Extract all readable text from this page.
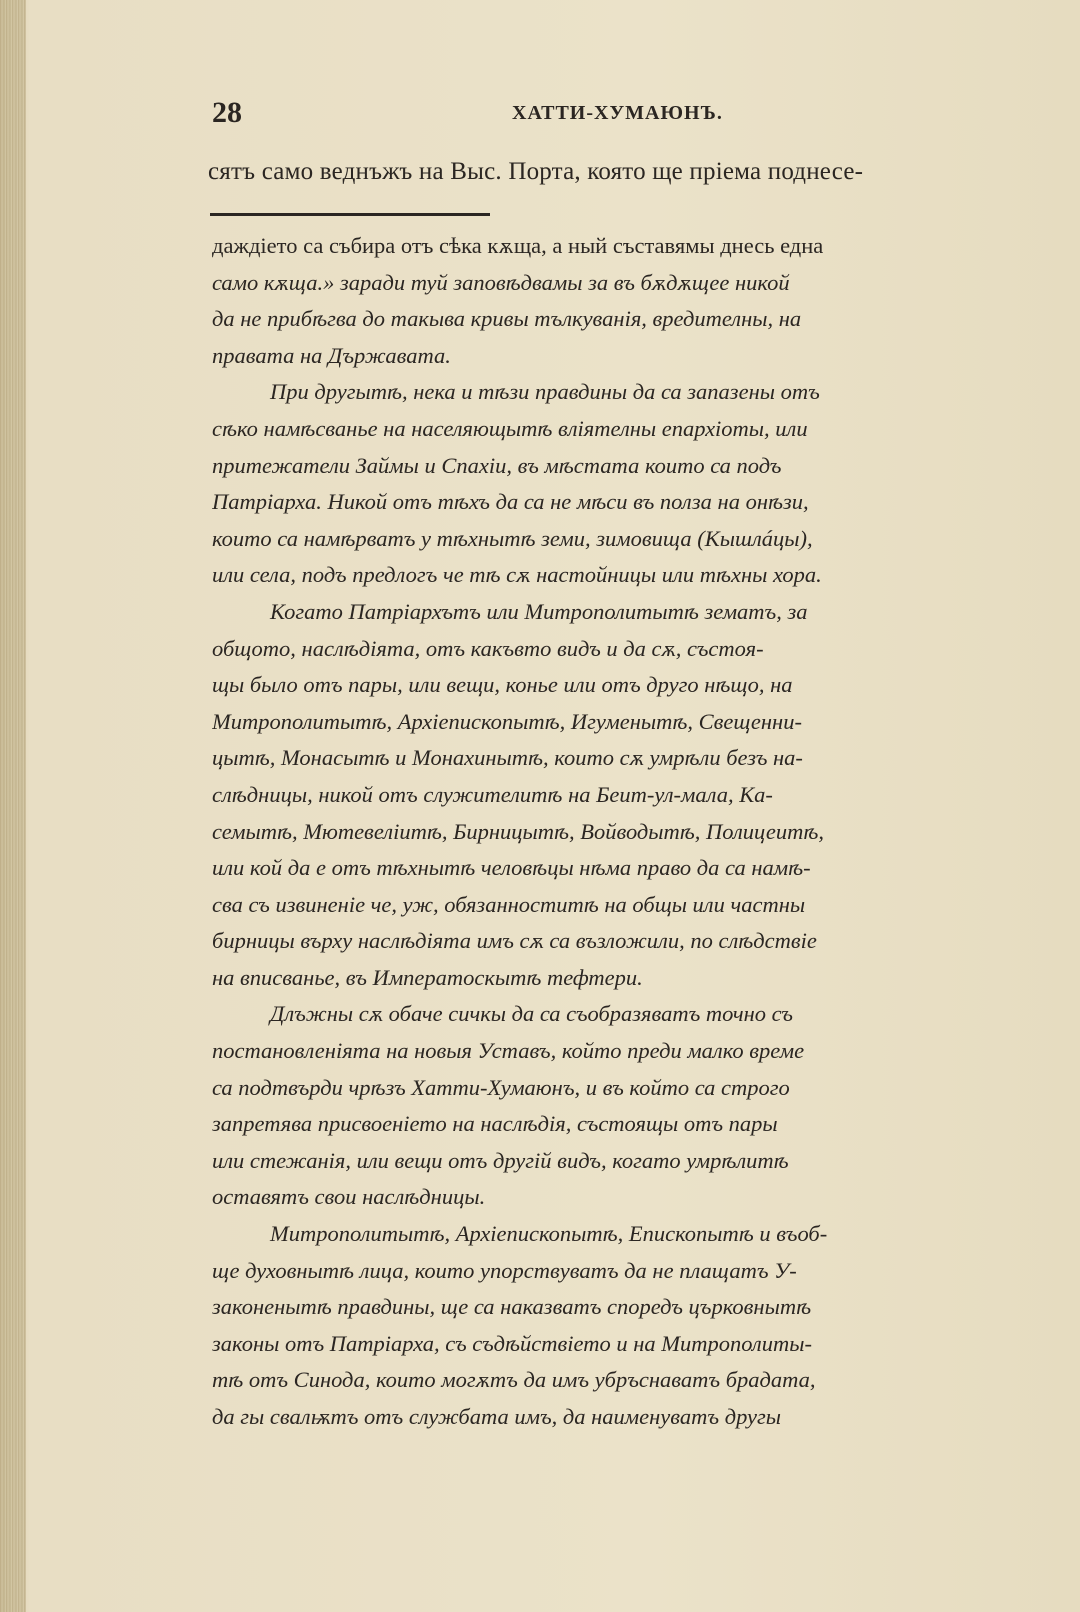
28	ХАТТИ-ХУМАЮНЪ.
сятъ само веднъжъ на Выс. Порта, която ще пріема поднесе-
даждіето са събира отъ сѣка кѫща, а ный съставямы днесь една
само кѫща.» заради туй заповѣдвамы за въ бѫдѫщее никой
да не прибѣгва до такыва кривы тълкуванія, вредителны, на
правата на Държавата.
При другытѣ, нека и тѣзи правдины да са запазены отъ
сѣко намѣсванье на населяющытѣ влiятелны епархiоты, или
притежатели Займы и Спахiи, въ мѣстата които са подъ
Патріарха. Никой отъ тѣхъ да са не мѣси въ полза на онѣзи,
които са намѣрватъ у тѣхнытѣ земи, зимовища (Кышлáцы),
или села, подъ предлогъ че тѣ сѫ настойницы или тѣхны хора.
Когато Патріархътъ или Митрополитытѣ зематъ, за
общото, наслѣдіята, отъ какъвто видъ и да сѫ, състоя-
щы было отъ пары, или вещи, конье или отъ друго нѣщо, на
Митрополитытѣ, Архіепископытѣ, Игуменытѣ, Свещенни-
цытѣ, Монасытѣ и Монахинытѣ, които сѫ умрѣли безъ на-
слѣдницы, никой отъ служителитѣ на Беит-ул-мала, Ка-
семытѣ, Мютевеліитѣ, Бирницытѣ, Войводытѣ, Полицеитѣ,
или кой да е отъ тѣхнытѣ человѣцы нѣма право да са намѣ-
сва съ извиненіе че, уж, обязанноститѣ на общы или частны
бирницы върху наслѣдіята имъ сѫ са възложили, по слѣдствіе
на вписванье, въ Императоскытѣ тефтери.
Длъжны сѫ обаче сичкы да са съобразяватъ точно съ
постановленіята на новыя Уставъ, който преди малко време
са подтвърди чрѣзъ Хатти-Хумаюнъ, и въ който са строго
запретява присвоеніето на наслѣдія, състоящы отъ пары
или стежанія, или вещи отъ другій видъ, когато умрѣлитѣ
оставятъ свои наслѣдницы.
Митрополитытѣ, Архіепископытѣ, Епископытѣ и въоб-
ще духовнытѣ лица, които упорствуватъ да не плащатъ У-
законенытѣ правдины, ще са наказватъ споредъ църковнытѣ
законы отъ Патріарха, съ съдѣйствіето и на Митрополиты-
тѣ отъ Синода, които могѫтъ да имъ убръснаватъ брадата,
да гы свалѭтъ отъ службата имъ, да наименуватъ другы
